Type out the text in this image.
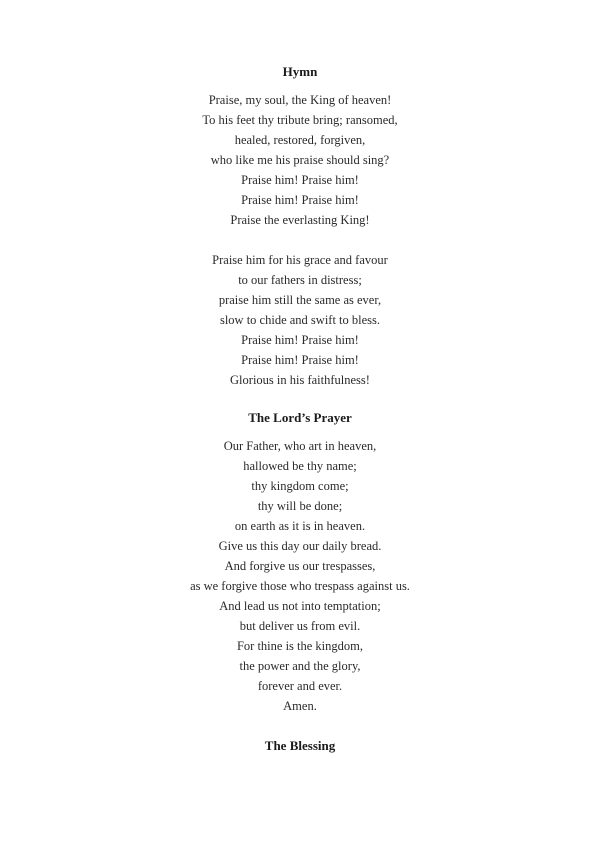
Hymn
Praise, my soul, the King of heaven!
To his feet thy tribute bring; ransomed,
healed, restored, forgiven,
who like me his praise should sing?
Praise him! Praise him!
Praise him! Praise him!
Praise the everlasting King!
Praise him for his grace and favour
to our fathers in distress;
praise him still the same as ever,
slow to chide and swift to bless.
Praise him! Praise him!
Praise him! Praise him!
Glorious in his faithfulness!
The Lord’s Prayer
Our Father, who art in heaven,
hallowed be thy name;
thy kingdom come;
thy will be done;
on earth as it is in heaven.
Give us this day our daily bread.
And forgive us our trespasses,
as we forgive those who trespass against us.
And lead us not into temptation;
but deliver us from evil.
For thine is the kingdom,
the power and the glory,
forever and ever.
Amen.
The Blessing
